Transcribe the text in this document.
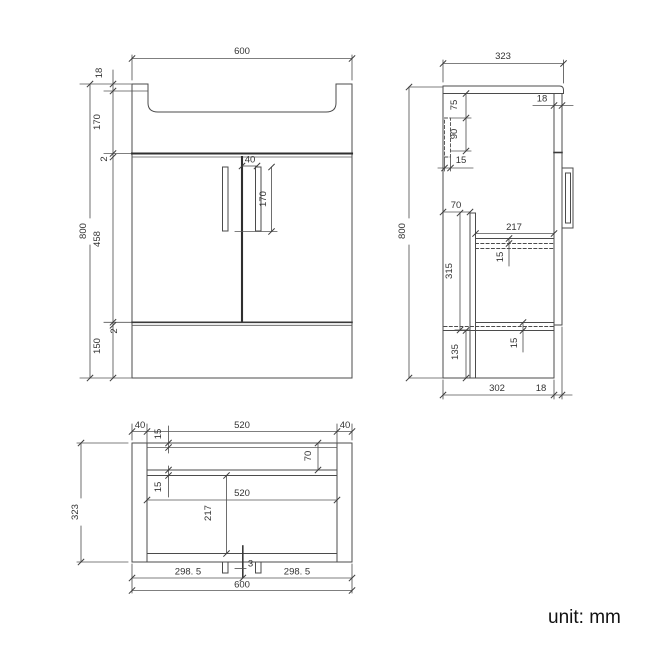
600
18
170
2
458
2
150
800
40
170
323
800
18
75
90
15
70
315
217
15
15
135
302	18
40	520	40
15
70
15
520
217
323
298. 5
3
298. 5
600
unit: mm
